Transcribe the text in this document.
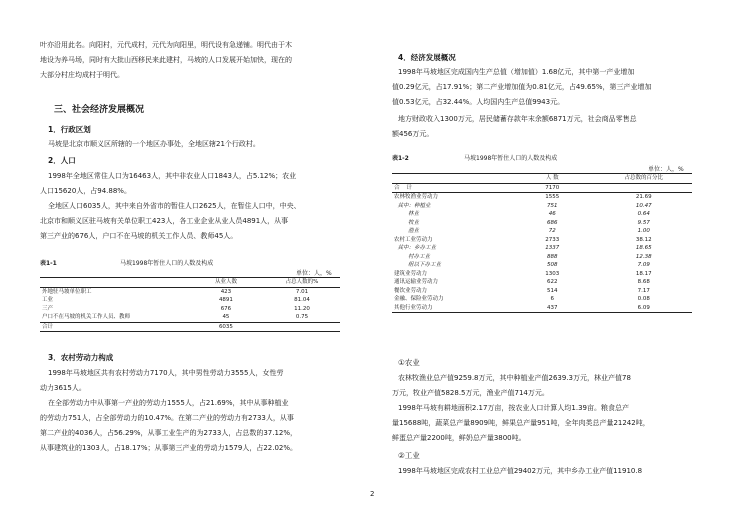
叶亦沿用此名。向阳村，元代成村，元代为向阳里，明代设有急递铺。明代由于木
地设为养马场，同时有大批山西移民来此建村，马坡的人口发展开始加快，现在的
大部分村庄均成村于明代。
三、社会经济发展概况
1．行政区划
马坡是北京市顺义区所辖的一个地区办事处，全地区辖21个行政村。
2．人口
1998年全地区常住人口为16463人，其中非农业人口1843人，占5.12%；农业
人口15620人，占94.88%。
全地区人口6035人，其中来自外省市的暂住人口2625人，在暂住人口中，中央、
北京市和顺义区驻马坡有关单位职工423人，各工业企业从业人员4891人，从事
第三产业的676人，户口不在马坡的机关工作人员、教师45人。
表1-1	马坡1998年暂住人口的人数及构成
单位：人，%
	从业人数	占总人数的%
外地驻马坡单位职工	423	7.01
工业	4891	81.04
三产	676	11.20
户口不在马坡的机关工作人员、教师	45	0.75
合计	6035	
3．农村劳动力构成
1998年马坡地区共有农村劳动力7170人，其中男性劳动力3555人，女性劳
动力3615人。
在全部劳动力中从事第一产业的劳动力1555人，占21.69%，其中从事种植业
的劳动力751人，占全部劳动力的10.47%。在第二产业的劳动力有2733人，从事
第二产业的4036人，占56.29%，从事工业生产的为2733人，占总数的37.12%，
从事建筑业的1303人，占18.17%；从事第三产业的劳动力1579人，占22.02%。
4．经济发展概况
1998年马坡地区完成国内生产总值（增加值）1.68亿元，其中第一产业增加
值0.29亿元，占17.91%；第二产业增加值为0.81亿元，占49.65%，第三产业增加
值0.53亿元，占32.44%。人均国内生产总值9943元。
地方财政收入1300万元，居民储蓄存款年末余额6871万元，社会商品零售总
额456万元。
表1-2	马坡1998年暂住人口的人数及构成
单位：人，%
	人 数	占总数的百分比
合    计	7170	
农林牧渔业劳动力	1555	21.69
其中：种植业	751	10.47
林业	46	0.64
牧业	686	9.57
渔业	72	1.00
农村工业劳动力	2733	38.12
其中：乡办工业	1337	18.65
村办工业	888	12.38
组以下办工业	508	7.09
建筑业劳动力	1303	18.17
通讯运输业劳动力	622	8.68
餐饮业劳动力	514	7.17
金融、保险业劳动力	6	0.08
其他行业劳动力	437	6.09
①农业
农林牧渔业总产值9259.8万元，其中种植业产值2639.3万元，林业产值78
万元，牧业产值5828.5万元，渔业产值714万元。
1998年马坡有耕地面积2.17万亩，按农业人口计算人均1.39亩。粮食总产
量15688吨，蔬菜总产量8909吨，鲜果总产量951吨，全年肉类总产量21242吨，
鲜蛋总产量2200吨，鲜奶总产量3800吨。
②工业
1998年马坡地区完成农村工业总产值29402万元，其中乡办工业产值11910.8
2
